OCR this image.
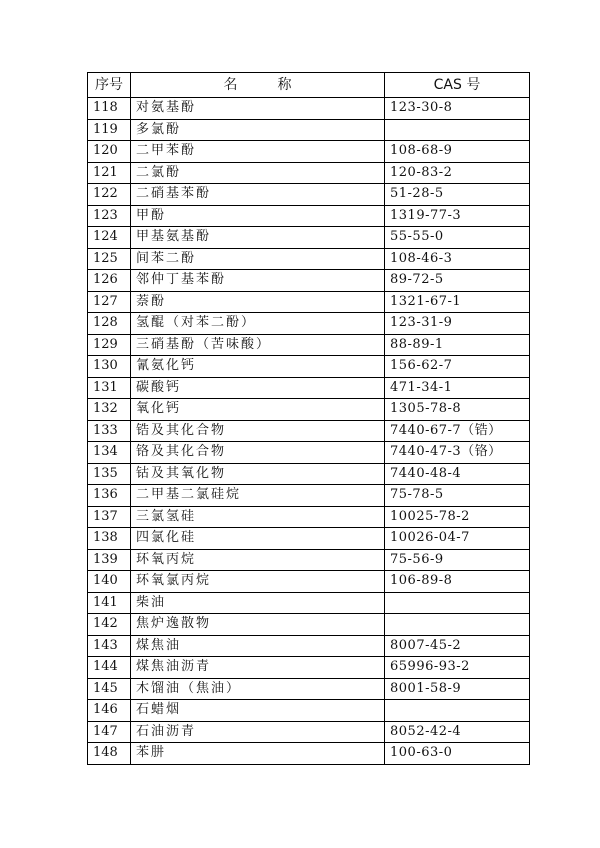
序号	名称	CAS 号
118	对氨基酚	123-30-8
119	多氯酚	
120	二甲苯酚	108-68-9
121	二氯酚	120-83-2
122	二硝基苯酚	51-28-5
123	甲酚	1319-77-3
124	甲基氨基酚	55-55-0
125	间苯二酚	108-46-3
126	邻仲丁基苯酚	89-72-5
127	萘酚	1321-67-1
128	氢醌（对苯二酚）	123-31-9
129	三硝基酚（苦味酸）	88-89-1
130	氰氨化钙	156-62-7
131	碳酸钙	471-34-1
132	氧化钙	1305-78-8
133	锆及其化合物	7440-67-7（锆）
134	铬及其化合物	7440-47-3（铬）
135	钴及其氧化物	7440-48-4
136	二甲基二氯硅烷	75-78-5
137	三氯氢硅	10025-78-2
138	四氯化硅	10026-04-7
139	环氧丙烷	75-56-9
140	环氧氯丙烷	106-89-8
141	柴油	
142	焦炉逸散物	
143	煤焦油	8007-45-2
144	煤焦油沥青	65996-93-2
145	木馏油（焦油）	8001-58-9
146	石蜡烟	
147	石油沥青	8052-42-4
148	苯肼	100-63-0
